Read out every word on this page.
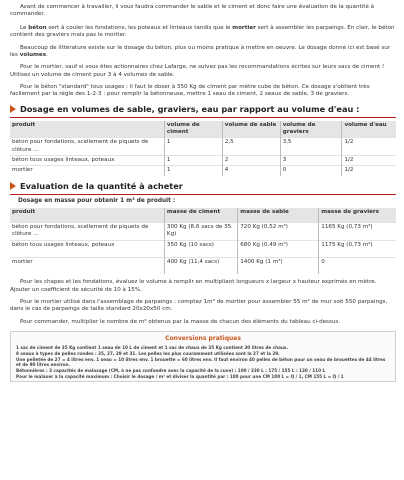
Avant de commencer à travailler, il vous faudra commander le sable et le ciment et donc faire une évaluation de la quantité à commander.

Le béton sert à couler les fondations, les poteaux et linteaux tandis que le mortier sert à assembler les parpaings. En clair, le béton contient des graviers mais pas le mortier.

Beaucoup de littérature existe sur le dosage du béton, plus ou moins pratique à mettre en oeuvre. Le dosage donné ici est basé sur les volumes.

Pour le mortier, sauf si vous êtes actionnaires chez Lafarge, ne suivez pas les recommandations écrites sur leurs sacs de ciment ! Utilisez un volume de ciment pour 3 à 4 volumes de sable.

Pour le béton "standard" tous usages : il faut le doser à 350 Kg de ciment par mètre cube de béton. Ce dosage s'obtient très facilement par la règle des 1-2-3 : pour remplir la bétonneuse, mettre 1 seau de ciment, 2 seaux de sable, 3 de graviers.

Dosage en volumes de sable, graviers, eau par rapport au volume d'eau :
produit	volume de ciment	volume de sable	volume de graviers	volume d'eau
béton pour fondations, scellement de piquets de clôture ...	1	2,5	3,5	1/2
béton tous usages linteaux, poteaux	1	2	3	1/2
mortier	1	4	0	1/2
Evaluation de la quantité à acheter
Dosage en masse pour obtenir 1 m³ de produit :
produit	masse de ciment	masse de sable	masse de graviers
béton pour fondations, scellement de piquets de clôture ...	300 Kg (8,6 sacs de 35 Kg)	720 Kg (0,52 m³)	1165 Kg (0,73 m³)
béton tous usages linteaux, poteaux	350 Kg (10 sacs)	680 Kg (0,49 m³)	1175 Kg (0,73 m³)
mortier	400 Kg (11,4 sacs)	1400 Kg (1 m³)	0

Pour les chapes et les fondations, évaluez le volume à remplir en multipliant longueurs x largeur x hauteur exprimés en mètre. Ajouter un coefficient de sécurité de 10 à 15%.

Pour le mortier utilisé dans l'assemblage de parpaings : comptez 1m³ de mortier pour assembler 55 m² de mur soit 550 parpaings, dans le cas de parpaings de taille standard 20x20x50 cm.

Pour commander, multiplier le nombre de m³ obtenus par la masse de chacun des éléments du tableau ci-dessus.

Conversions pratiques
1 sac de ciment de 35 Kg contient 1 seau de 10 L de ciment et 1 sac de chaux de 35 Kg contient 30 litres de chaux.
8 seaux à types de pelles rondes : 25, 27, 29 et 31. Les pelles les plus couramment utilisées sont la 27 et la 29.
Une pelletée de 27 = 4 litres env. 1 seau = 10 litres env. 1 brouette = 60 litres env. Il faut environ 40 pelles de béton pour un seau de brouettes de 44 litres et de 90 litres environ.
Bétonnières : 3 capacités de malaxage (CM, à ne pas confondre avec la capacité de la cuve) : 100 / 230 L : 175 / 155 L : 130 / 110 L
Pour le malaxer à la capacité maximum : Choisir le dosage / m³ et diviser la quantité par : 100 pour une CM 100 L = Q / 1, CM 155 L = Q / 1
